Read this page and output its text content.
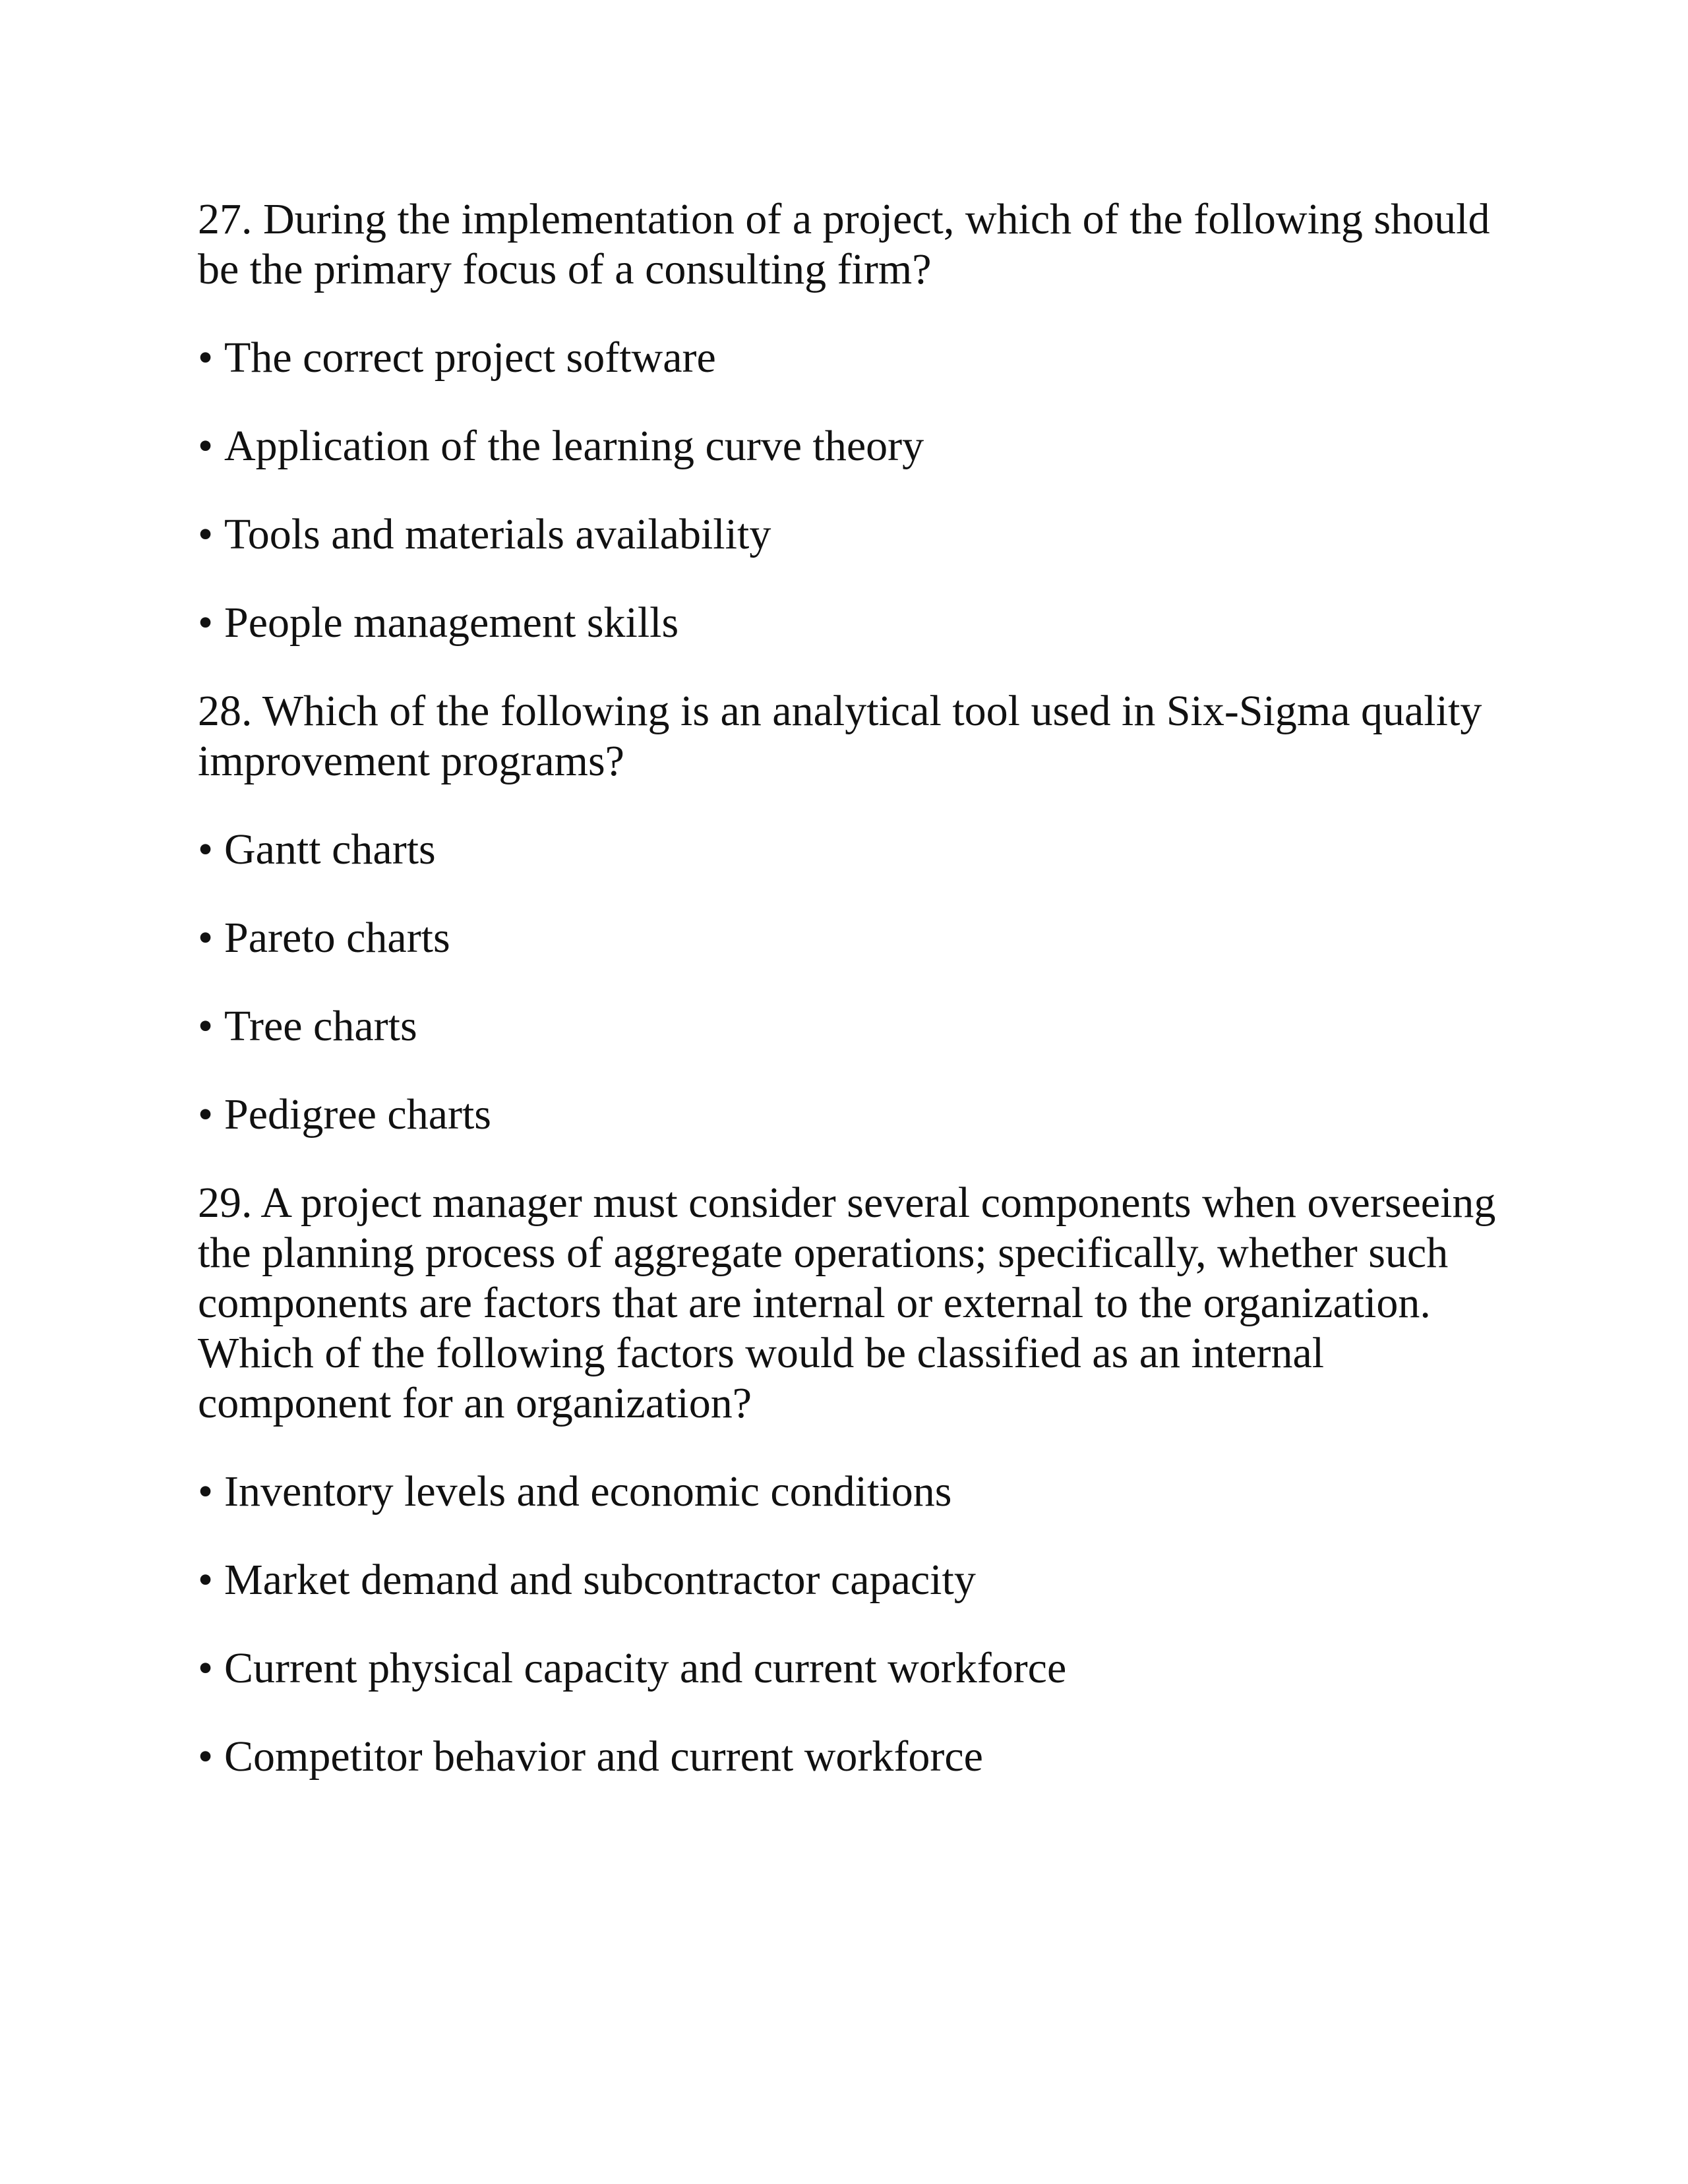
27. During the implementation of a project, which of the following should be the primary focus of a consulting firm?

• The correct project software
• Application of the learning curve theory
• Tools and materials availability
• People management skills

28. Which of the following is an analytical tool used in Six-Sigma quality improvement programs?

• Gantt charts
• Pareto charts
• Tree charts
• Pedigree charts

29. A project manager must consider several components when overseeing the planning process of aggregate operations; specifically, whether such components are factors that are internal or external to the organization. Which of the following factors would be classified as an internal component for an organization?

• Inventory levels and economic conditions
• Market demand and subcontractor capacity
• Current physical capacity and current workforce
• Competitor behavior and current workforce
